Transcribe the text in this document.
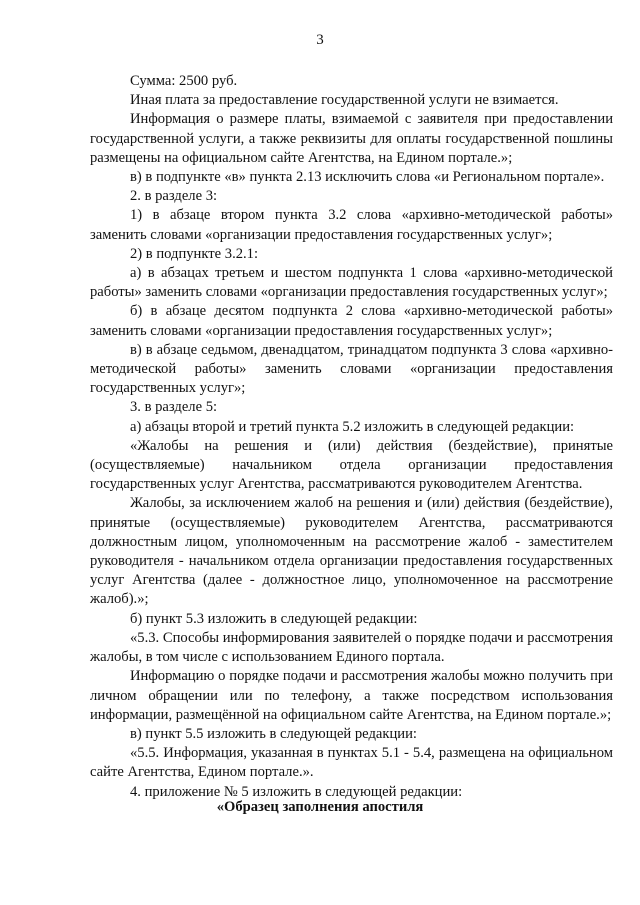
3

Сумма: 2500 руб.

Иная плата за предоставление государственной услуги не взимается.

Информация о размере платы, взимаемой с заявителя при предоставлении государственной услуги, а также реквизиты для оплаты государственной пошлины размещены на официальном сайте Агентства, на Едином портале.»;

в) в подпункте «в» пункта 2.13 исключить слова «и Региональном портале».

2. в разделе 3:

1) в абзаце втором пункта 3.2 слова «архивно-методической работы» заменить словами «организации предоставления государственных услуг»;

2) в подпункте 3.2.1:

а) в абзацах третьем и шестом подпункта 1 слова «архивно-методической работы» заменить словами «организации предоставления государственных услуг»;

б) в абзаце десятом подпункта 2 слова «архивно-методической работы» заменить словами «организации предоставления государственных услуг»;

в) в абзаце седьмом, двенадцатом, тринадцатом подпункта 3 слова «архивно-методической работы» заменить словами «организации предоставления государственных услуг»;

3. в разделе 5:

а) абзацы второй и третий пункта 5.2 изложить в следующей редакции:

«Жалобы на решения и (или) действия (бездействие), принятые (осуществляемые) начальником отдела организации предоставления государственных услуг Агентства, рассматриваются руководителем Агентства.

Жалобы, за исключением жалоб на решения и (или) действия (бездействие), принятые (осуществляемые) руководителем Агентства, рассматриваются должностным лицом, уполномоченным на рассмотрение жалоб - заместителем руководителя - начальником отдела организации предоставления государственных услуг Агентства (далее - должностное лицо, уполномоченное на рассмотрение жалоб).»;

б) пункт 5.3 изложить в следующей редакции:

«5.3. Способы информирования заявителей о порядке подачи и рассмотрения жалобы, в том числе с использованием Единого портала.

Информацию о порядке подачи и рассмотрения жалобы можно получить при личном обращении или по телефону, а также посредством использования информации, размещённой на официальном сайте Агентства, на Едином портале.»;

в) пункт 5.5 изложить в следующей редакции:

«5.5. Информация, указанная в пунктах 5.1 - 5.4, размещена на официальном сайте Агентства, Едином портале.».

4. приложение № 5 изложить в следующей редакции:

«Образец заполнения апостиля
